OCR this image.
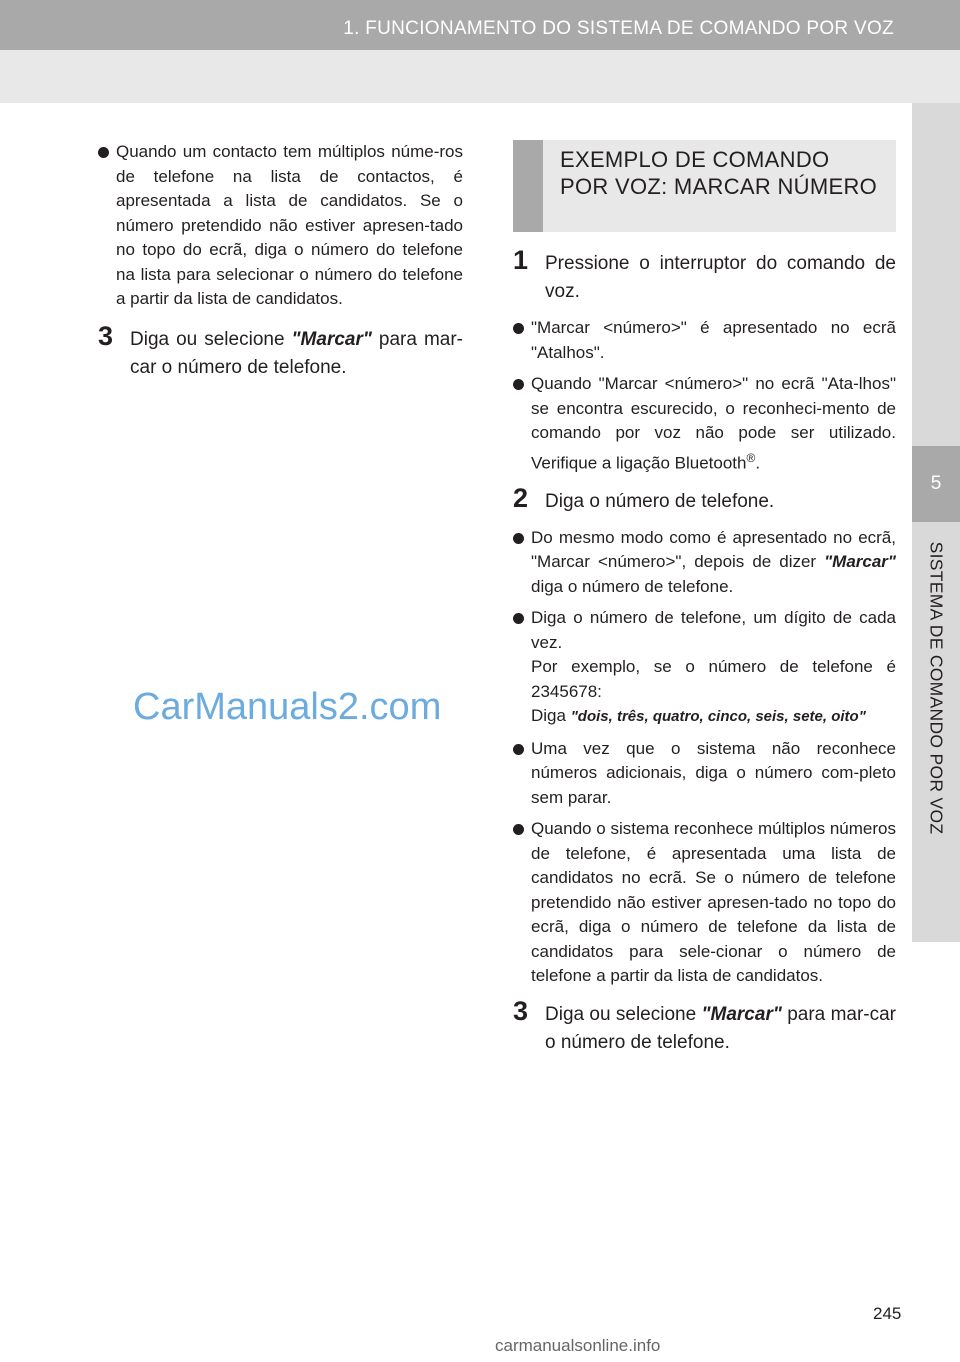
1. FUNCIONAMENTO DO SISTEMA DE COMANDO POR VOZ
5
SISTEMA DE COMANDO POR VOZ

Quando um contacto tem múltiplos núme-ros de telefone na lista de contactos, é apresentada a lista de candidatos. Se o número pretendido não estiver apresen-tado no topo do ecrã, diga o número do telefone na lista para selecionar o número do telefone a partir da lista de candidatos.

3 Diga ou selecione "Marcar" para mar-car o número de telefone.

EXEMPLO DE COMANDO POR VOZ: MARCAR NÚMERO
1 Pressione o interruptor do comando de voz.

"Marcar <número>" é apresentado no ecrã "Atalhos".

Quando "Marcar <número>" no ecrã "Ata-lhos" se encontra escurecido, o reconheci-mento de comando por voz não pode ser utilizado. Verifique a ligação Bluetooth®.

2 Diga o número de telefone.

Do mesmo modo como é apresentado no ecrã, "Marcar <número>", depois de dizer "Marcar" diga o número de telefone.

Diga o número de telefone, um dígito de cada vez.

Por exemplo, se o número de telefone é 2345678:

Diga "dois, três, quatro, cinco, seis, sete, oito"

Uma vez que o sistema não reconhece números adicionais, diga o número com-pleto sem parar.

Quando o sistema reconhece múltiplos números de telefone, é apresentada uma lista de candidatos no ecrã. Se o número de telefone pretendido não estiver apresen-tado no topo do ecrã, diga o número de telefone da lista de candidatos para sele-cionar o número de telefone a partir da lista de candidatos.

3 Diga ou selecione "Marcar" para mar-car o número de telefone.

CarManuals2.com
245
carmanualsonline.info
